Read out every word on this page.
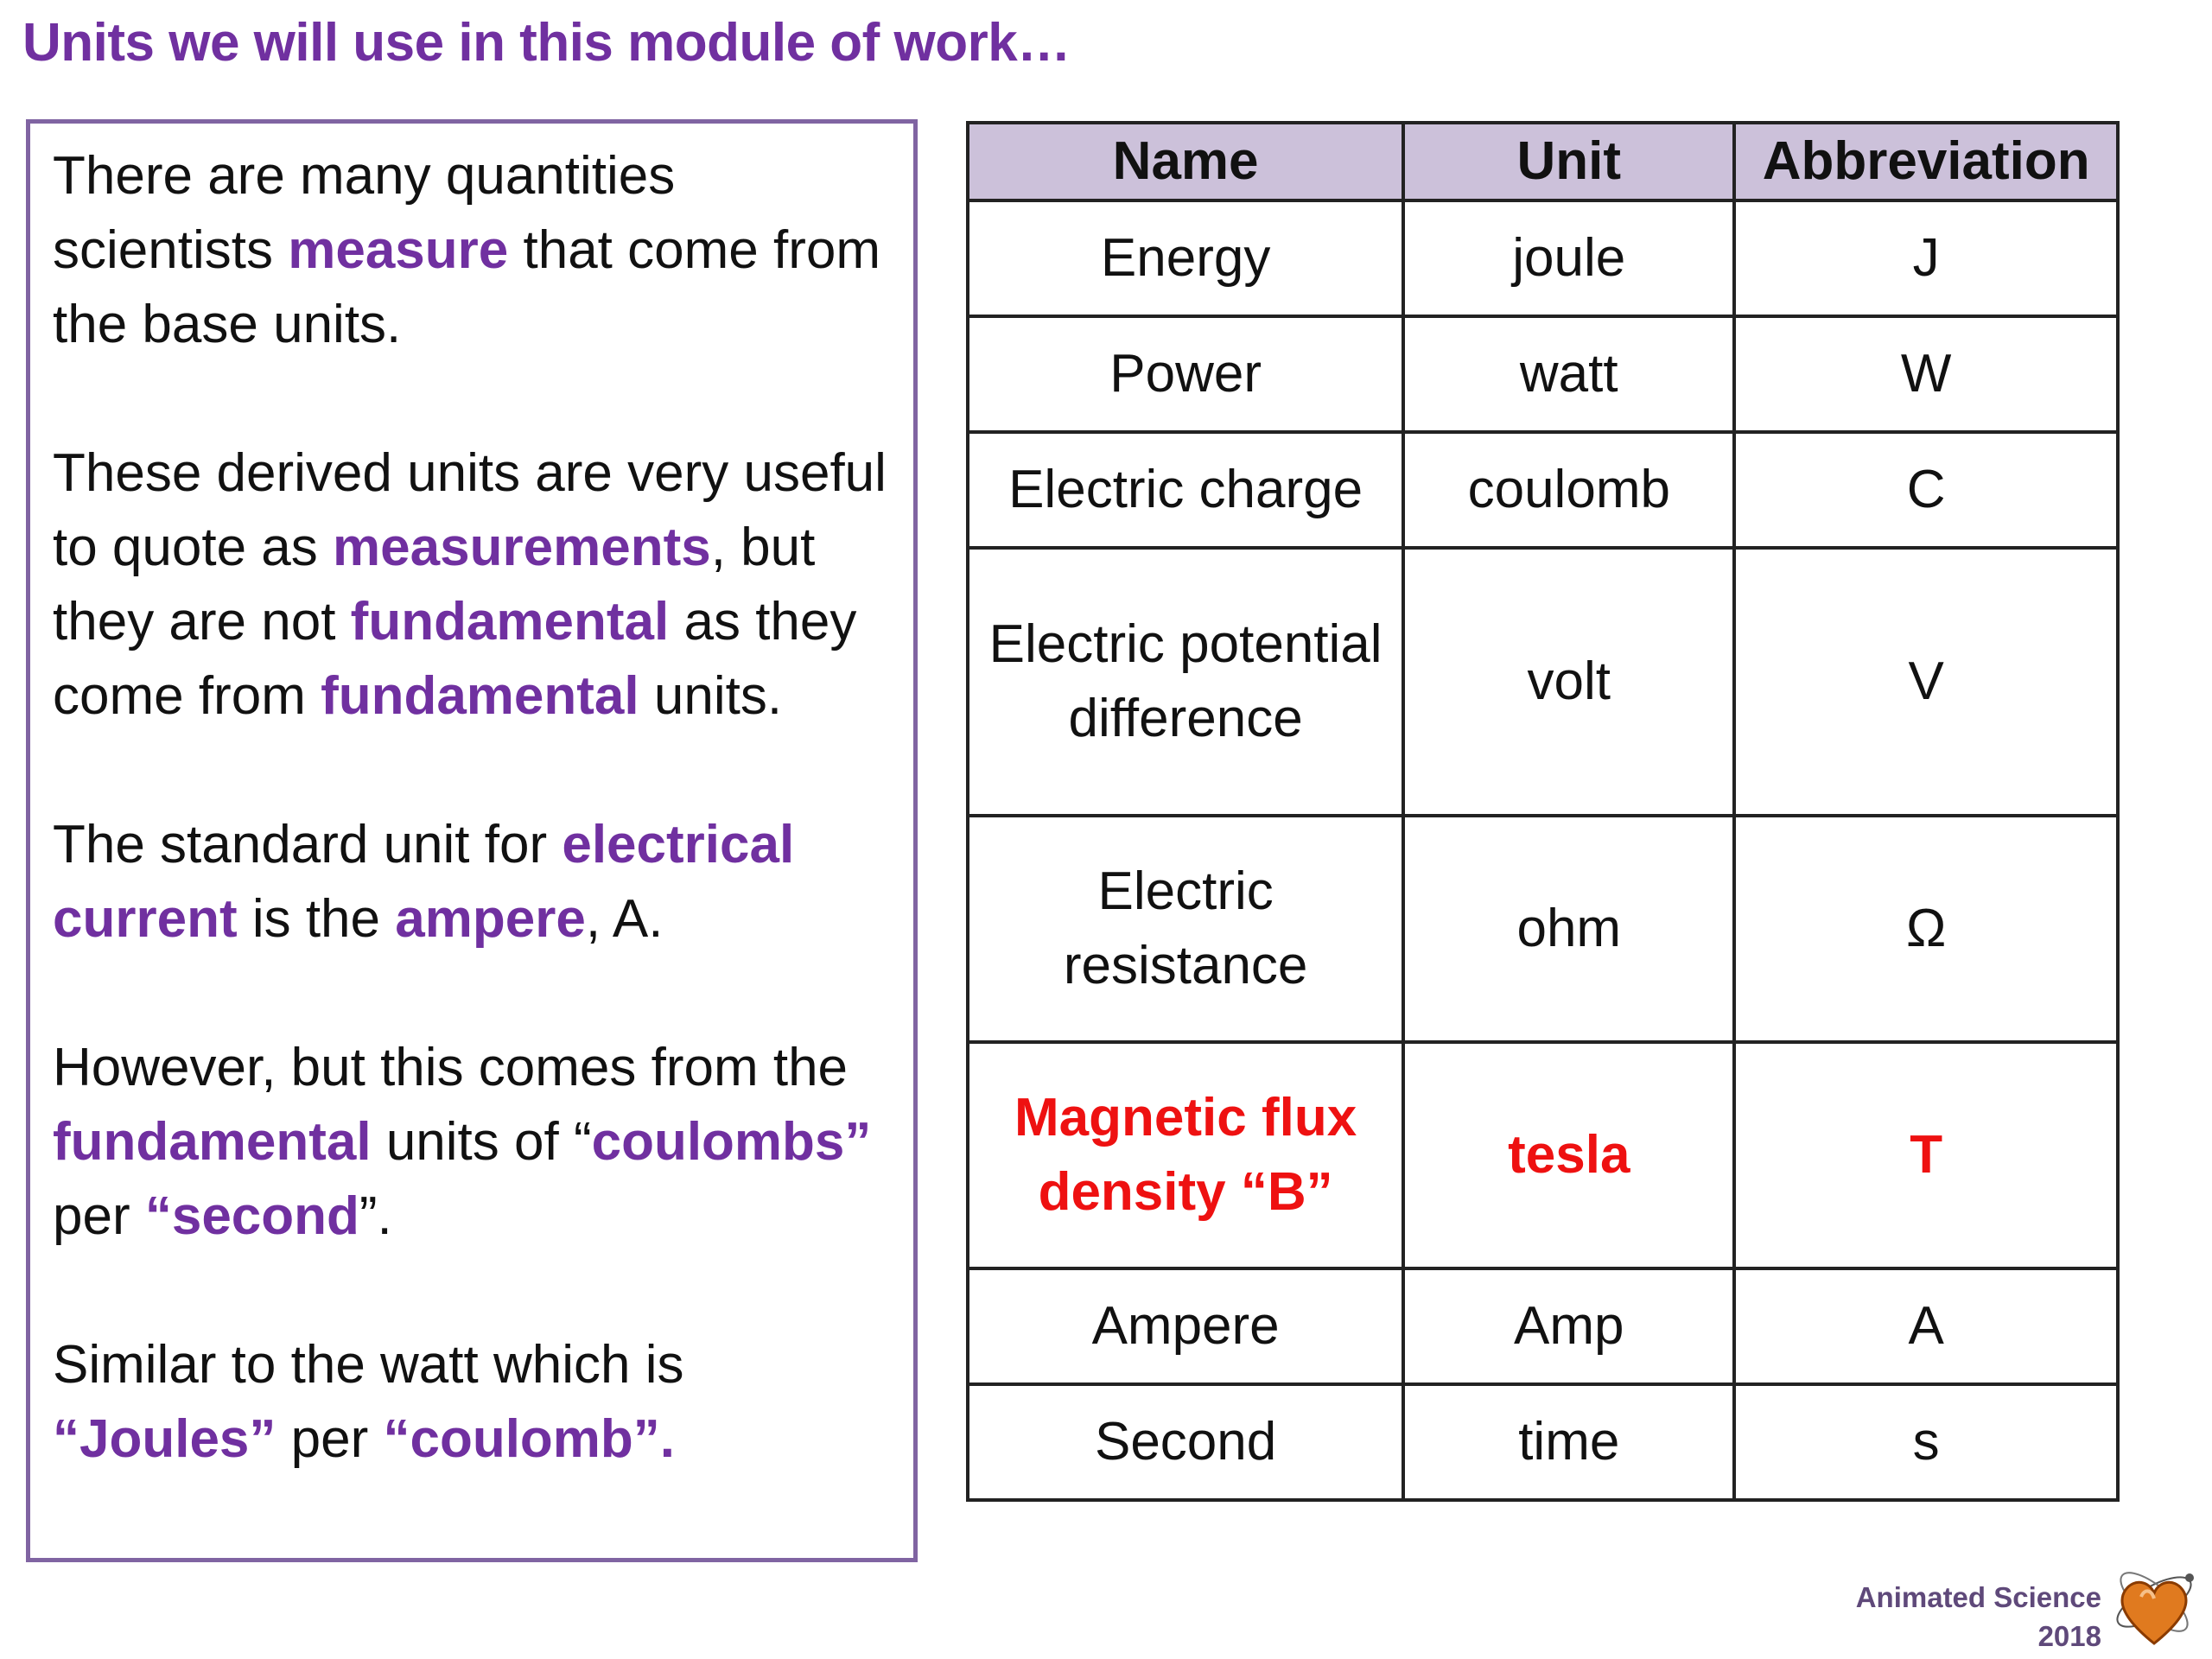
Units we will use in this module of work…

There are many quantities scientists measure that come from the base units.

These derived units are very useful to quote as measurements, but they are not fundamental as they come from fundamental units.

The standard unit for electrical current is the ampere, A.

However, but this comes from the fundamental units of “coulombs” per “second”.

Similar to the watt which is “Joules” per “coulomb”.

Name	Unit	Abbreviation
Energy	joule	J
Power	watt	W
Electric charge	coulomb	C
Electric potential difference	volt	V
Electric resistance	ohm	Ω
Magnetic flux density “B”	tesla	T
Ampere	Amp	A
Second	time	s
Animated Science
2018
